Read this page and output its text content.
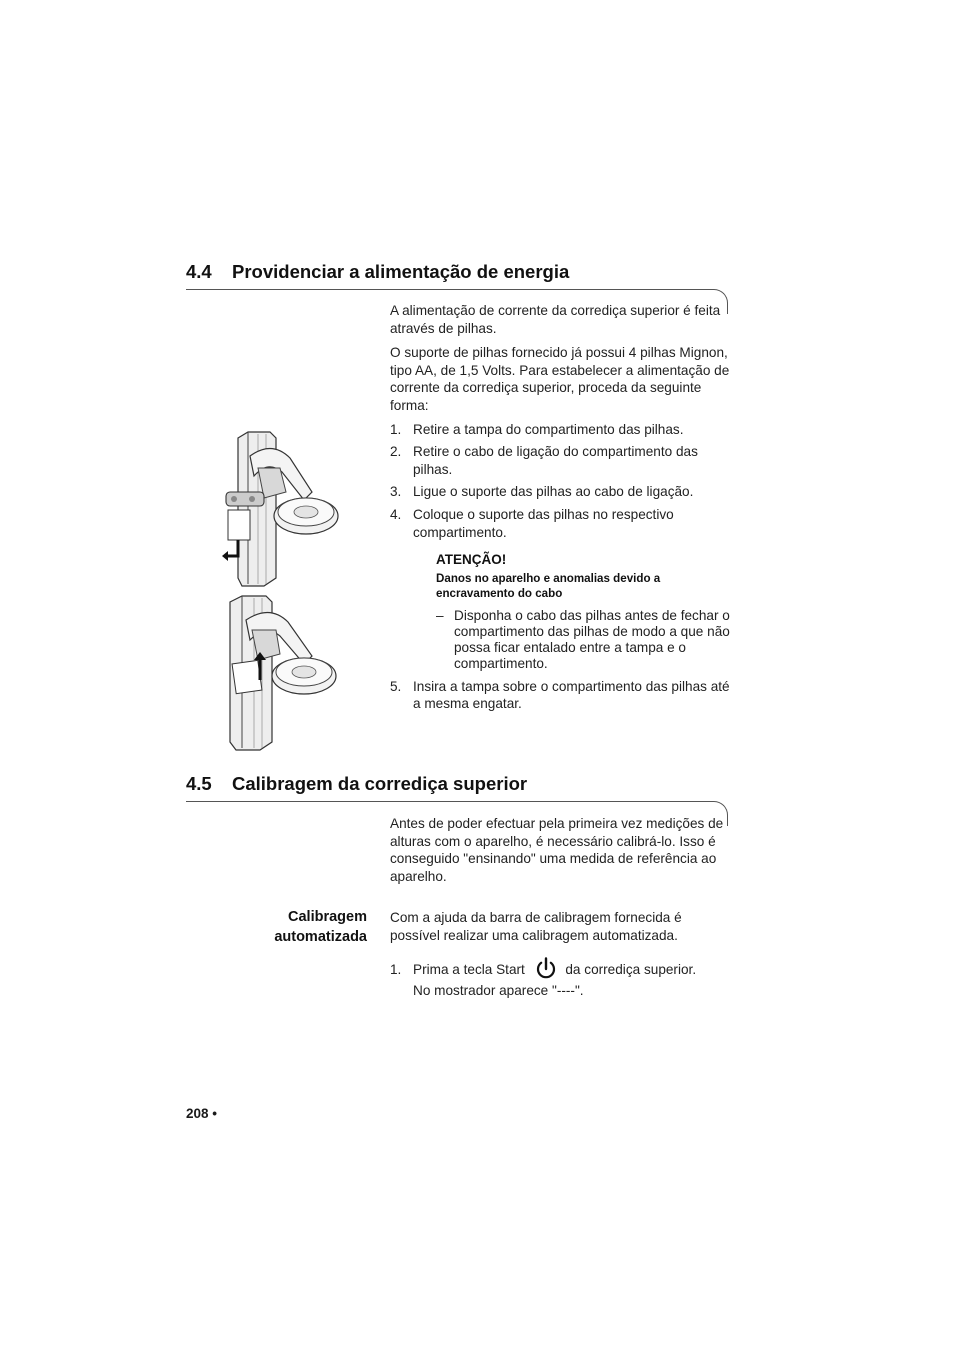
4.4 Providenciar a alimentação de energia
A alimentação de corrente da corrediça superior é feita através de pilhas.
O suporte de pilhas fornecido já possui 4 pilhas Mignon, tipo AA, de 1,5 Volts. Para estabelecer a alimentação de corrente da corrediça superior, proceda da seguinte forma:
1. Retire a tampa do compartimento das pilhas.
2. Retire o cabo de ligação do compartimento das pilhas.
3. Ligue o suporte das pilhas ao cabo de ligação.
4. Coloque o suporte das pilhas no respectivo compartimento.
ATENÇÃO!
Danos no aparelho e anomalias devido a encravamento do cabo
– Disponha o cabo das pilhas antes de fechar o compartimento das pilhas de modo a que não possa ficar entalado entre a tampa e o compartimento.
5. Insira a tampa sobre o compartimento das pilhas até a mesma engatar.
4.5 Calibragem da corrediça superior
Antes de poder efectuar pela primeira vez medições de alturas com o aparelho, é necessário calibrá-lo. Isso é conseguido "ensinando" uma medida de referência ao aparelho.
Calibragem
automatizada
Com a ajuda da barra de calibragem fornecida é possível realizar uma calibragem automatizada.
1. Prima a tecla Start	da corrediça superior.
No mostrador aparece "----".
208 •
